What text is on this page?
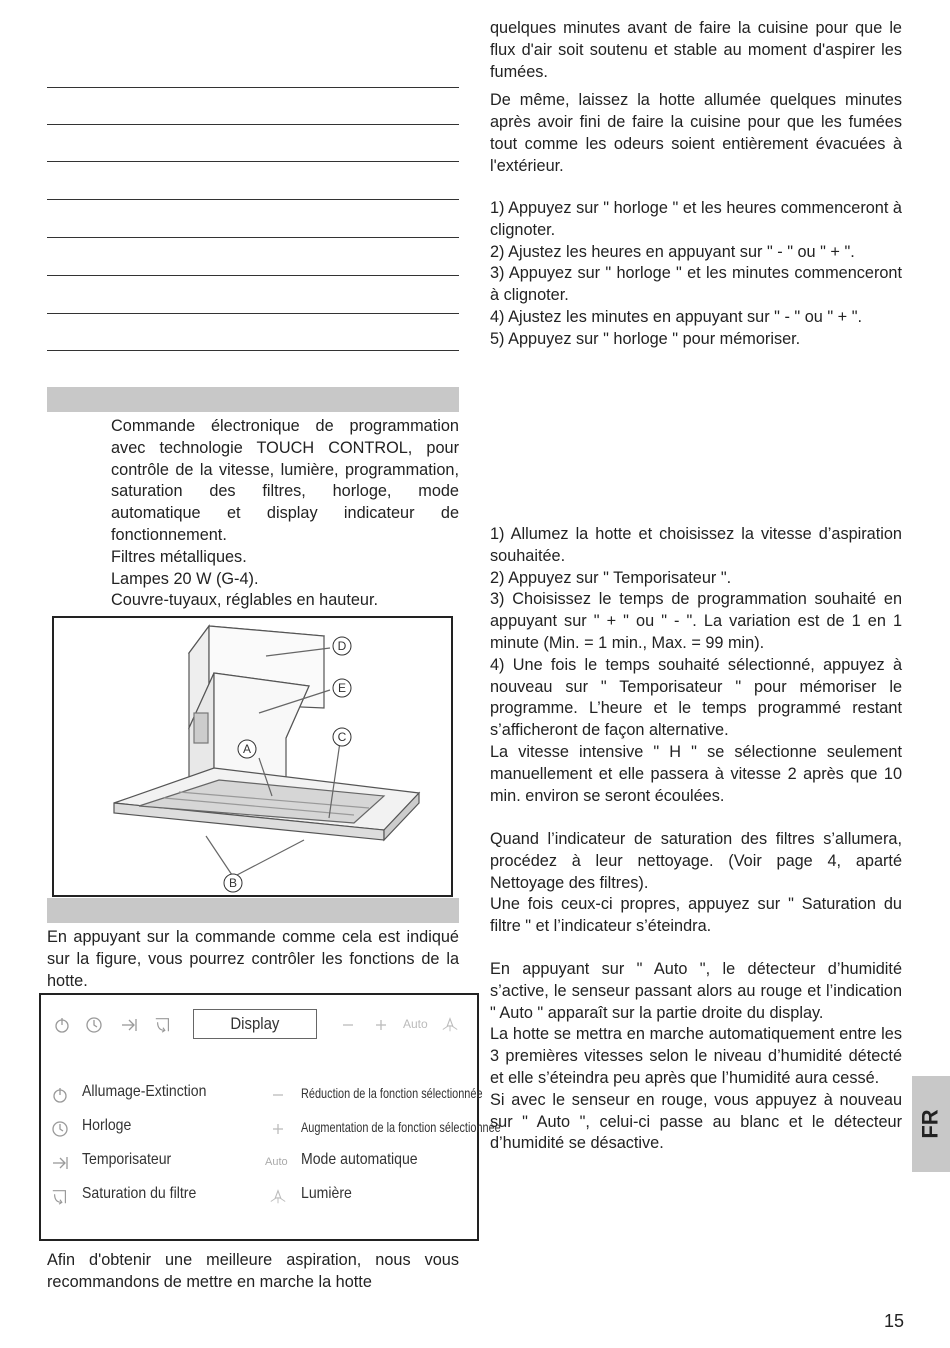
Commande électronique de programmation avec technologie TOUCH CONTROL, pour contrôle de la vitesse, lumière, programmation, saturation des filtres, horloge, mode automatique et display indicateur de fonctionnement.

Filtres métalliques.

Lampes 20 W (G-4).

Couvre-tuyaux, réglables en hauteur.

D
E
C
A
B

En appuyant sur la commande comme cela est indiqué sur la figure, vous pourrez contrôler les fonctions de la hotte.

Display	Auto
Allumage-Extinction
Horloge
Temporisateur
Saturation du filtre
Réduction de la fonction sélectionnée
Augmentation de la fonction sélectionnée
Auto Mode automatique
Lumière

Afin d'obtenir une meilleure aspiration, nous vous recommandons de mettre en marche la hotte

quelques minutes avant de faire la cuisine pour que le flux d'air soit soutenu et stable au moment d'aspirer les fumées.

De même, laissez la hotte allumée quelques minutes après avoir fini de faire la cuisine pour que les fumées tout comme les odeurs soient entièrement évacuées à l'extérieur.

1) Appuyez sur " horloge " et les heures commenceront à clignoter.

2) Ajustez les heures en appuyant sur " - " ou " + ".

3) Appuyez sur " horloge " et les minutes commenceront à clignoter.

4) Ajustez les minutes en appuyant sur " - " ou " + ".

5) Appuyez sur " horloge " pour mémoriser.

1) Allumez la hotte et choisissez la vitesse d’aspiration souhaitée.

2) Appuyez sur " Temporisateur ".

3) Choisissez le temps de programmation souhaité en appuyant sur " + " ou " - ". La variation est de 1 en 1 minute (Min. = 1 min., Max. = 99 min).

4) Une fois le temps souhaité sélectionné, appuyez à nouveau sur " Temporisateur " pour mémoriser le programme. L’heure et le temps programmé restant s’afficheront de façon alternative.

La vitesse intensive " H " se sélectionne seulement manuellement et elle passera à vitesse 2 après que 10 min. environ se seront écoulées.

Quand l’indicateur de saturation des filtres s’allumera, procédez à leur nettoyage. (Voir page 4, aparté Nettoyage des filtres).

Une fois ceux-ci propres, appuyez sur " Saturation du filtre " et l’indicateur s’éteindra.

En appuyant sur " Auto ", le détecteur d’humidité s’active, le senseur passant alors au rouge et l’indication " Auto " apparaît sur la partie droite du display.

La hotte se mettra en marche automatiquement entre les 3 premières vitesses selon le niveau d’humidité détecté et elle s’éteindra peu après que l’humidité aura cessé.

Si avec le senseur en rouge, vous appuyez à nouveau sur " Auto ", celui-ci passe au blanc et le détecteur d’humidité se désactive.

FR
15
